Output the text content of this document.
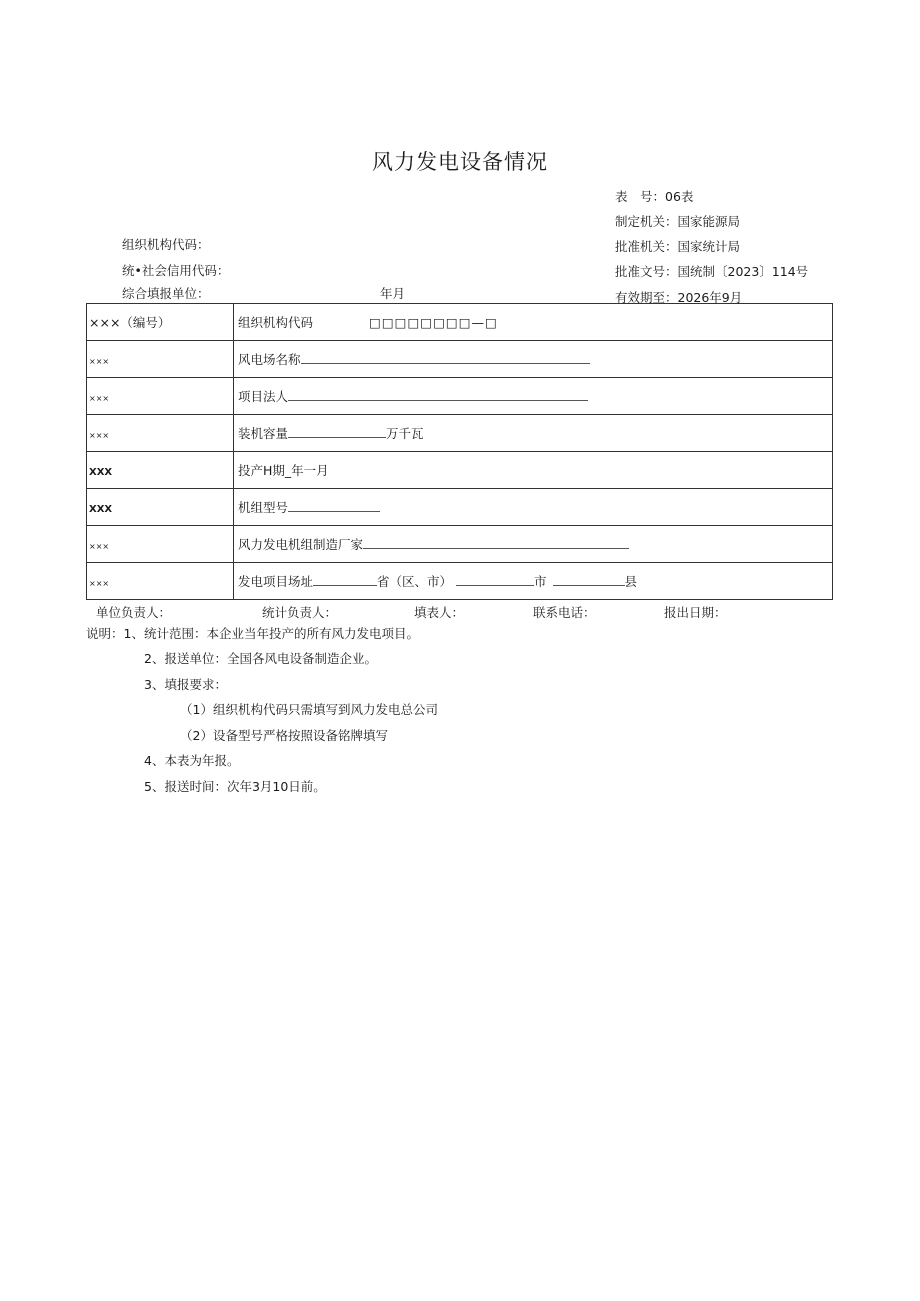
风力发电设备情况
表　号：06表
制定机关：国家能源局
批准机关：国家统计局
批准文号：国统制〔2023〕114号
有效期至：2026年9月
组织机构代码：
统•社会信用代码：
综合填报单位：	年月
×××（编号）	组织机构代码 □□□□□□□□—□
×××	风电场名称
×××	项目法人
×××	装机容量 万千瓦
XXX	投产H期_年一月
XXX	机组型号
×××	风力发电机组制造厂家
×××	发电项目场址 省（区、市） 市 县
单位负责人：	统计负责人：	填表人：	联系电话：	报出日期：
说明：1、统计范围：本企业当年投产的所有风力发电项目。
2、报送单位：全国各风电设备制造企业。
3、填报要求：
（1）组织机构代码只需填写到风力发电总公司
（2）设备型号严格按照设备铭牌填写
4、本表为年报。
5、报送时间：次年3月10日前。
